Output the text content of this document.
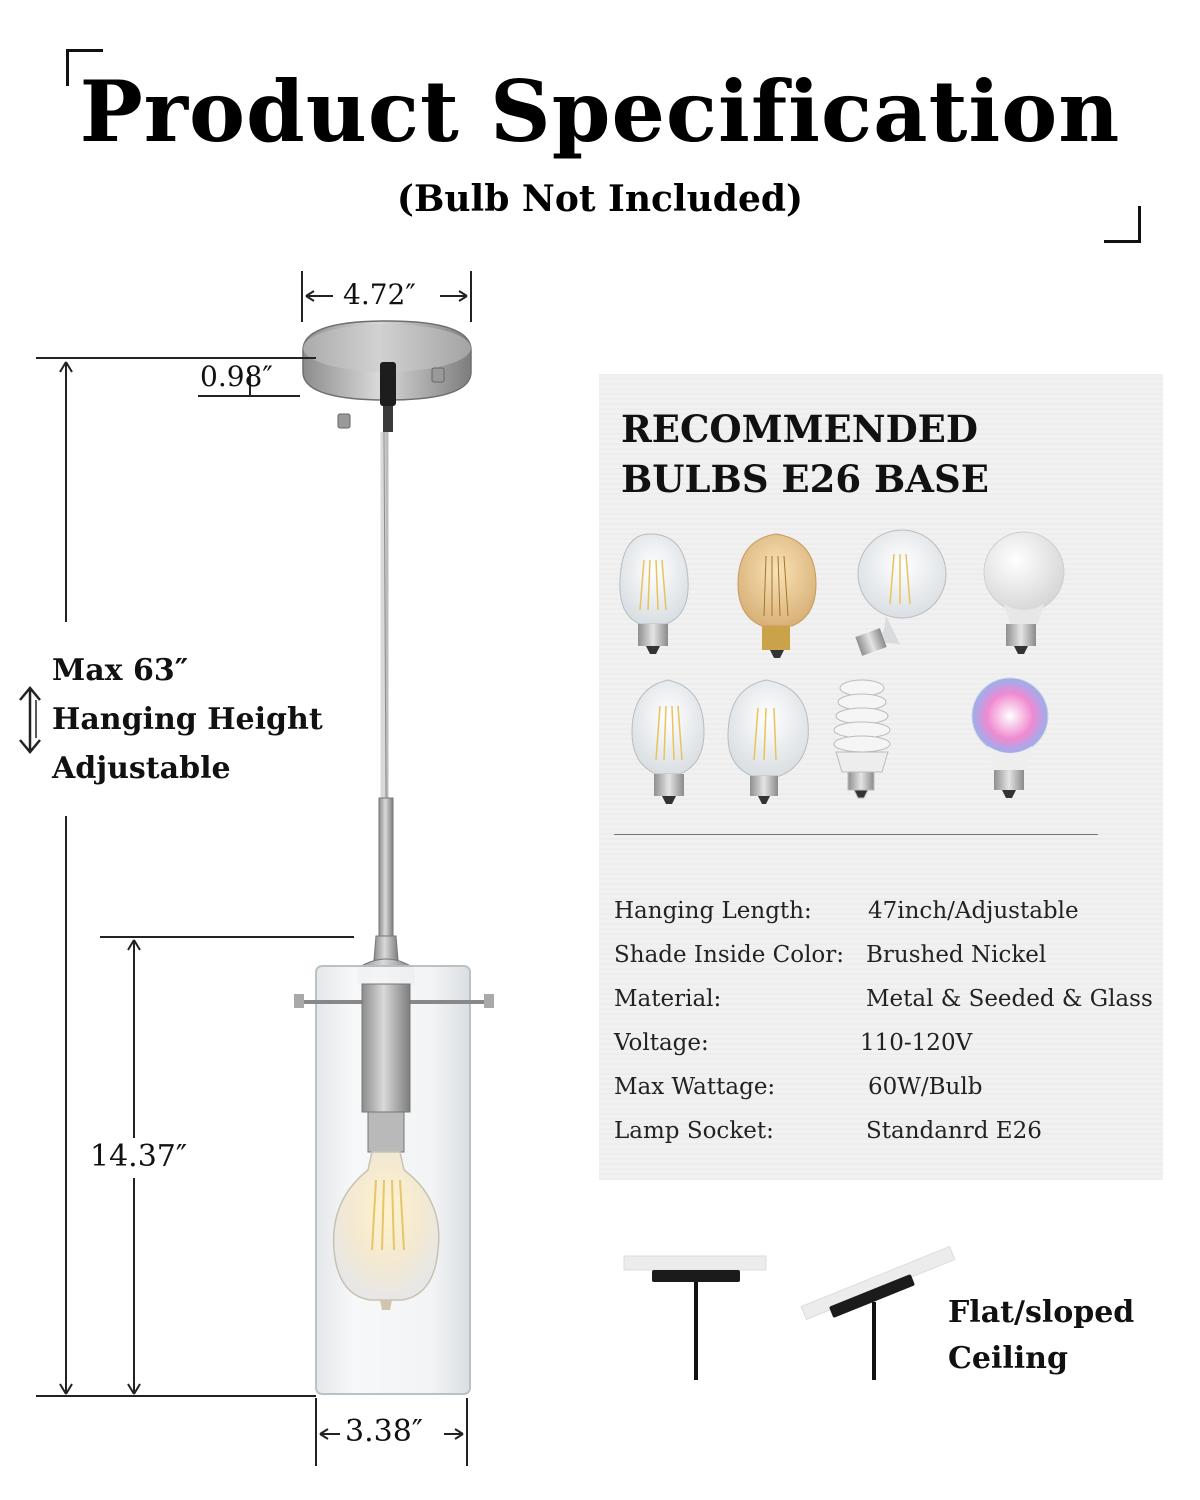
Product Specification
(Bulb Not Included)
4.72″
0.98″
Max 63″
Hanging Height
Adjustable
14.37″
3.38″
RECOMMENDED
BULBS E26 BASE
Hanging Length: 47inch/Adjustable
Shade Inside Color: Brushed Nickel
Material:	Metal & Seeded & Glass
Voltage:	110-120V
Max Wattage:	60W/Bulb
Lamp Socket:	Standanrd E26
Flat/sloped
Ceiling
